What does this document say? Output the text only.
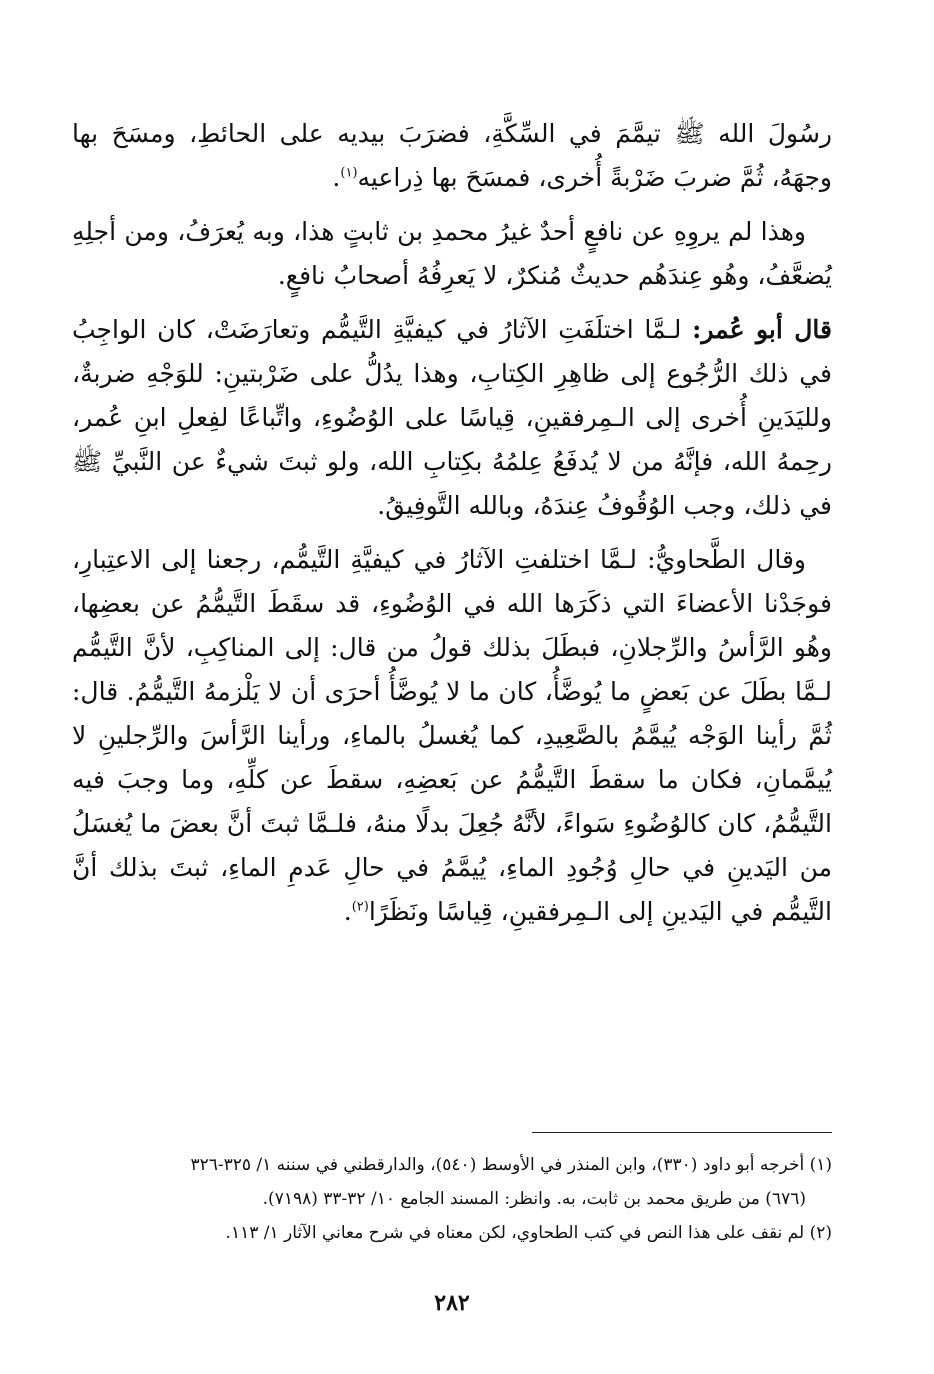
رسُولَ الله ﷺ تيمَّمَ في السِّكَّةِ، فضرَبَ بيديه على الحائطِ، ومسَحَ بها وجهَهُ، ثُمَّ ضربَ ضَرْبةً أُخرى، فمسَحَ بها ذِراعيه$^{(١)}$.

وهذا لم يروِهِ عن نافعٍ أحدٌ غيرُ محمدِ بن ثابتٍ هذا، وبه يُعرَفُ، ومن أجلِهِ يُضعَّفُ، وهُو عِندَهُم حديثٌ مُنكرٌ، لا يَعرِفُهُ أصحابُ نافعٍ.

قال أبو عُمر: لـمَّا اختلَفَتِ الآثارُ في كيفيَّةِ التَّيمُّم وتعارَضَتْ، كان الواجِبُ في ذلك الرُّجُوع إلى ظاهِرِ الكِتابِ، وهذا يدُلُّ على ضَرْبتينِ: للوَجْهِ ضربةٌ، ولليَدَينِ أُخرى إلى الـمِرفقينِ، قِياسًا على الوُضُوءِ، واتِّباعًا لفِعلِ ابنِ عُمر، رحِمهُ الله، فإنَّهُ من لا يُدفَعُ عِلمُهُ بكِتابِ الله، ولو ثبتَ شيءٌ عن النَّبيِّ ﷺ في ذلك، وجب الوُقُوفُ عِندَهُ، وبالله التَّوفِيقُ.

وقال الطَّحاويُّ: لـمَّا اختلفتِ الآثارُ في كيفيَّةِ التَّيمُّم، رجعنا إلى الاعتِبارِ، فوجَدْنا الأعضاءَ التي ذكَرَها الله في الوُضُوءِ، قد سقَطَ التَّيمُّمُ عن بعضِها، وهُو الرَّأسُ والرِّجلانِ، فبطَلَ بذلك قولُ من قال: إلى المناكِبِ، لأنَّ التَّيمُّم لـمَّا بطَلَ عن بَعضٍ ما يُوضَّأُ، كان ما لا يُوضَّأُ أحرَى أن لا يَلْزمهُ التَّيمُّمُ. قال: ثُمَّ رأينا الوَجْه يُيمَّمُ بالصَّعِيدِ، كما يُغسلُ بالماءِ، ورأينا الرَّأسَ والرِّجلينِ لا يُيمَّمانِ، فكان ما سقطَ التَّيمُّمُ عن بَعضِهِ، سقطَ عن كلِّهِ، وما وجبَ فيه التَّيمُّمُ، كان كالوُضُوءِ سَواءً، لأنَّهُ جُعِلَ بدلًا منهُ، فلـمَّا ثبتَ أنَّ بعضَ ما يُغسَلُ من اليَدينِ في حالِ وُجُودِ الماءِ، يُيمَّمُ في حالِ عَدمِ الماءِ، ثبتَ بذلك أنَّ التَّيمُّم في اليَدينِ إلى الـمِرفقينِ، قِياسًا ونَظَرًا$^{(٢)}$.

(١) أخرجه أبو داود (٣٣٠)، وابن المنذر في الأوسط (٥٤٠)، والدارقطني في سننه ١/ ٣٢٥-٣٢٦

(٦٧٦) من طريق محمد بن ثابت، به. وانظر: المسند الجامع ١٠/ ٣٢-٣٣ (٧١٩٨).

(٢) لم نقف على هذا النص في كتب الطحاوي، لكن معناه في شرح معاني الآثار ١/ ١١٣.

٢٨٢
